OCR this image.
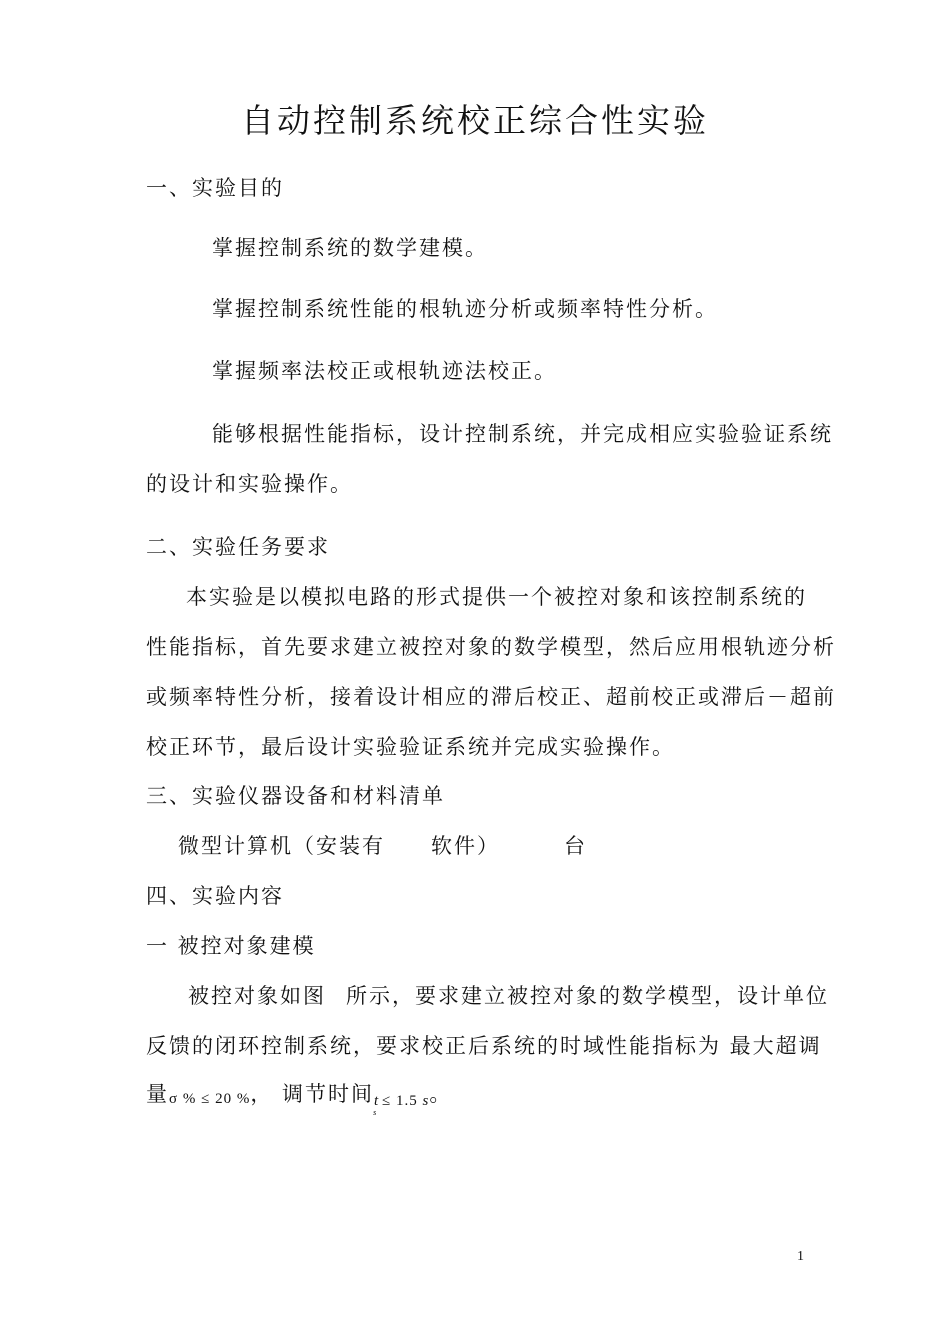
自动控制系统校正综合性实验
一、实验目的
掌握控制系统的数学建模。
掌握控制系统性能的根轨迹分析或频率特性分析。
掌握频率法校正或根轨迹法校正。
能够根据性能指标，设计控制系统，并完成相应实验验证系统
的设计和实验操作。
二、实验任务要求
本实验是以模拟电路的形式提供一个被控对象和该控制系统的
性能指标，首先要求建立被控对象的数学模型，然后应用根轨迹分析
或频率特性分析，接着设计相应的滞后校正、超前校正或滞后－超前
校正环节，最后设计实验验证系统并完成实验操作。
三、实验仪器设备和材料清单
微型计算机（安装有 软件）	台
四、实验内容
一 被控对象建模
被控对象如图 所示，要求建立被控对象的数学模型，设计单位
反馈的闭环控制系统，要求校正后系统的时域性能指标为 最大超调
量σ % ≤ 20 %， 调节时间$t_s \le 1.5$ s。
1
